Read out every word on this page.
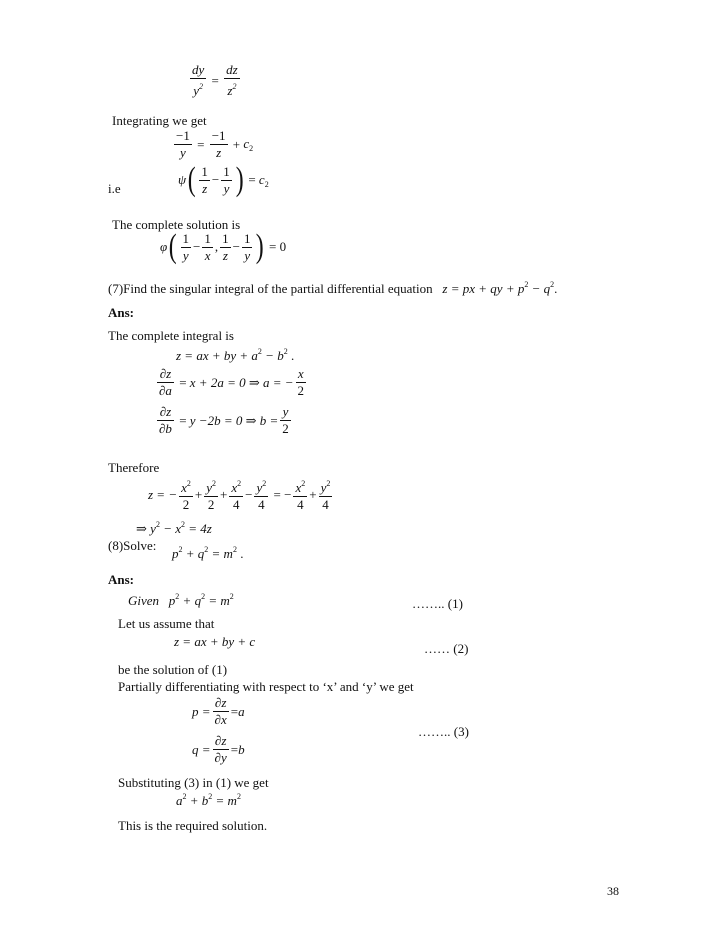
$\frac{dy}{y^2} = \frac{dz}{z^2}$
Integrating we get
$\frac{-1}{y} = \frac{-1}{z} + c_2$
i.e
ψ ( $\frac{1}{z} - \frac{1}{y}$ ) = $c_2$
The complete solution is
φ ( $\frac{1}{y} - \frac{1}{x}$ , $\frac{1}{z} - \frac{1}{y}$ ) = 0
(7)Find the singular integral of the partial differential equation   z = px + qy + $p^2 - q^2$.
Ans:
The complete integral is
z = ax + by + $a^2 - b^2$ .
$\frac{\partial z}{\partial a} = x + 2a = 0$ ⇒ a = − $\frac{x}{2}$
$\frac{\partial z}{\partial b} = y -2b = 0$ ⇒ $b = \frac{y}{2}$
Therefore
z = − $\frac{x^2}{2} + \frac{y^2}{2} + \frac{x^2}{4} - \frac{y^2}{4}$ = − $\frac{x^2}{4} + \frac{y^2}{4}$
⇒ $y^2 - x^2 = 4z$
(8)Solve:
$p^2 + q^2 = m^2$ .
Ans:
Given   $p^2 + q^2 = m^2$	…….. (1)
Let us assume that
z = ax + by + c	…… (2)
be the solution of (1)
Partially differentiating with respect to ‘x’ and ‘y’ we get
$p = \frac{\partial z}{\partial x} = a$
…….. (3)
$q = \frac{\partial z}{\partial y} = b$
Substituting (3) in (1) we get
$a^2 + b^2 = m^2$
This is the required solution.
38
